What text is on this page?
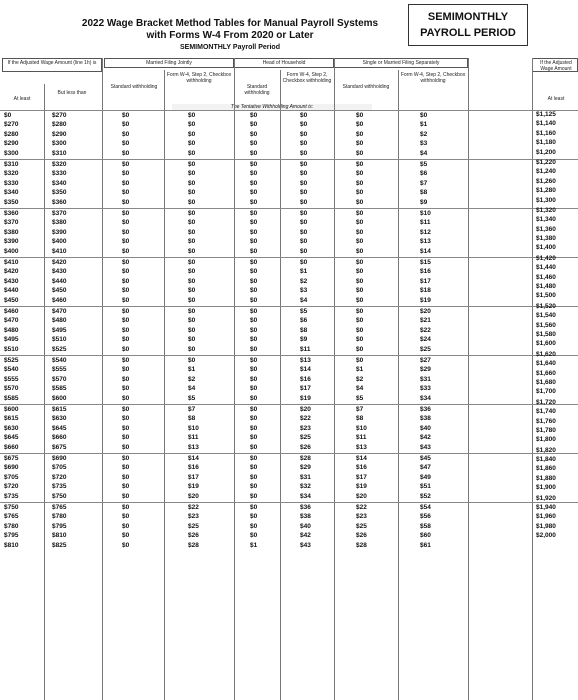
2022 Wage Bracket Method Tables for Manual Payroll Systems
with Forms W-4 From 2020 or Later
SEMIMONTHLY Payroll Period
SEMIMONTHLY
PAYROLL PERIOD
If the Adjusted Wage Amount (line 1h) is
At least
But less than
Married Filing Jointly	Head of Household	Single or Married Filing Separately
Standard withholding
Form W-4, Step 2, Checkbox withholding
Standard withholding
Form W-4, Step 2, Checkbox withholding
Standard withholding
Form W-4, Step 2, Checkbox withholding
The Tentative Withholding Amount is:
If the Adjusted Wage Amount
At least
$0	$270	$0	$0	$0	$0	$0	$0
$270	$280	$0	$0	$0	$0	$0	$1
$280	$290	$0	$0	$0	$0	$0	$2
$290	$300	$0	$0	$0	$0	$0	$3
$300	$310	$0	$0	$0	$0	$0	$4
$310	$320	$0	$0	$0	$0	$0	$5
$320	$330	$0	$0	$0	$0	$0	$6
$330	$340	$0	$0	$0	$0	$0	$7
$340	$350	$0	$0	$0	$0	$0	$8
$350	$360	$0	$0	$0	$0	$0	$9
$360	$370	$0	$0	$0	$0	$0	$10
$370	$380	$0	$0	$0	$0	$0	$11
$380	$390	$0	$0	$0	$0	$0	$12
$390	$400	$0	$0	$0	$0	$0	$13
$400	$410	$0	$0	$0	$0	$0	$14
$410	$420	$0	$0	$0	$0	$0	$15
$420	$430	$0	$0	$0	$1	$0	$16
$430	$440	$0	$0	$0	$2	$0	$17
$440	$450	$0	$0	$0	$3	$0	$18
$450	$460	$0	$0	$0	$4	$0	$19
$460	$470	$0	$0	$0	$5	$0	$20
$470	$480	$0	$0	$0	$6	$0	$21
$480	$495	$0	$0	$0	$8	$0	$22
$495	$510	$0	$0	$0	$9	$0	$24
$510	$525	$0	$0	$0	$11	$0	$25
$525	$540	$0	$0	$0	$13	$0	$27
$540	$555	$0	$1	$0	$14	$1	$29
$555	$570	$0	$2	$0	$16	$2	$31
$570	$585	$0	$4	$0	$17	$4	$33
$585	$600	$0	$5	$0	$19	$5	$34
$600	$615	$0	$7	$0	$20	$7	$36
$615	$630	$0	$8	$0	$22	$8	$38
$630	$645	$0	$10	$0	$23	$10	$40
$645	$660	$0	$11	$0	$25	$11	$42
$660	$675	$0	$13	$0	$26	$13	$43
$675	$690	$0	$14	$0	$28	$14	$45
$690	$705	$0	$16	$0	$29	$16	$47
$705	$720	$0	$17	$0	$31	$17	$49
$720	$735	$0	$19	$0	$32	$19	$51
$735	$750	$0	$20	$0	$34	$20	$52
$750	$765	$0	$22	$0	$36	$22	$54
$765	$780	$0	$23	$0	$38	$23	$56
$780	$795	$0	$25	$0	$40	$25	$58
$795	$810	$0	$26	$0	$42	$26	$60
$810	$825	$0	$28	$1	$43	$28	$61
$1,125
$1,140
$1,160
$1,180
$1,200
$1,220
$1,240
$1,260
$1,280
$1,300
$1,320
$1,340
$1,360
$1,380
$1,400
$1,420
$1,440
$1,460
$1,480
$1,500
$1,520
$1,540
$1,560
$1,580
$1,600
$1,620
$1,640
$1,660
$1,680
$1,700
$1,720
$1,740
$1,760
$1,780
$1,800
$1,820
$1,840
$1,860
$1,880
$1,900
$1,920
$1,940
$1,960
$1,980
$2,000
